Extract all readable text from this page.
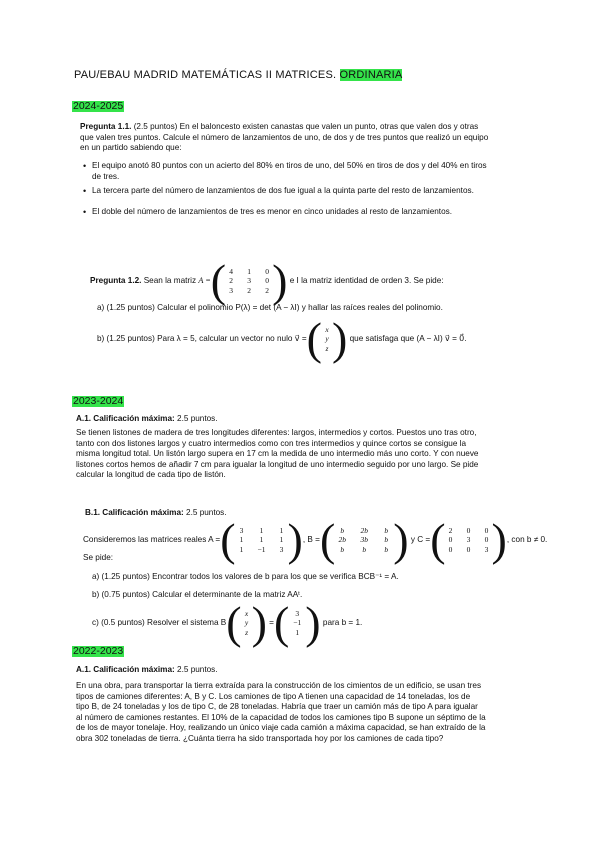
PAU/EBAU MADRID MATEMÁTICAS II MATRICES. ORDINARIA
2024-2025
Pregunta 1.1. (2.5 puntos) En el baloncesto existen canastas que valen un punto, otras que valen dos y otras
que valen tres puntos. Calcule el número de lanzamientos de uno, de dos y de tres puntos que realizó un equipo
en un partido sabiendo que:
• El equipo anotó 80 puntos con un acierto del 80% en tiros de uno, del 50% en tiros de dos y del 40% en tiros
de tres.
• La tercera parte del número de lanzamientos de dos fue igual a la quinta parte del resto de lanzamientos.
• El doble del número de lanzamientos de tres es menor en cinco unidades al resto de lanzamientos.
Pregunta 1.2.
Sean la matriz
A = ( 4	1	0
2	3	0
3	2	2 )
e I la matriz identidad de orden 3. Se pide:
a) (1.25 puntos) Calcular el polinomio P(λ) = det (A − λI) y hallar las raíces reales del polinomio.
b) (1.25 puntos) Para λ = 5, calcular un vector no nulo v⃗ = ( x
y
z )
que satisfaga que (A − λI) v⃗ = 0⃗.
2023-2024
A.1. Calificación máxima: 2.5 puntos.
Se tienen listones de madera de tres longitudes diferentes: largos, intermedios y cortos. Puestos uno tras otro,
tanto con dos listones largos y cuatro intermedios como con tres intermedios y quince cortos se consigue la
misma longitud total. Un listón largo supera en 17 cm la medida de uno intermedio más uno corto. Y con nueve
listones cortos hemos de añadir 7 cm para igualar la longitud de uno intermedio seguido por uno largo. Se pide
calcular la longitud de cada tipo de listón.
B.1. Calificación máxima: 2.5 puntos.
Consideremos las matrices reales A = ( 3	1	1
1	1	1
1	−1	3 ) , B = ( b	2b	b
2b	3b	b
b	b	b )
y C = ( 2	0	0
0	3	0
0	0	3 ) , con b ≠ 0.
Se pide:
a) (1.25 puntos) Encontrar todos los valores de b para los que se verifica BCB⁻¹ = A.
b) (0.75 puntos) Calcular el determinante de la matriz AAᵗ.
c) (0.5 puntos) Resolver el sistema B ( x
y
z )
= ( 3
−1
1 )
para b = 1.
2022-2023
A.1. Calificación máxima: 2.5 puntos.
En una obra, para transportar la tierra extraída para la construcción de los cimientos de un edificio, se usan tres
tipos de camiones diferentes: A, B y C. Los camiones de tipo A tienen una capacidad de 14 toneladas, los de
tipo B, de 24 toneladas y los de tipo C, de 28 toneladas. Habría que traer un camión más de tipo A para igualar
al número de camiones restantes. El 10% de la capacidad de todos los camiones tipo B supone un séptimo de la
de los de mayor tonelaje. Hoy, realizando un único viaje cada camión a máxima capacidad, se han extraído de la
obra 302 toneladas de tierra. ¿Cuánta tierra ha sido transportada hoy por los camiones de cada tipo?
